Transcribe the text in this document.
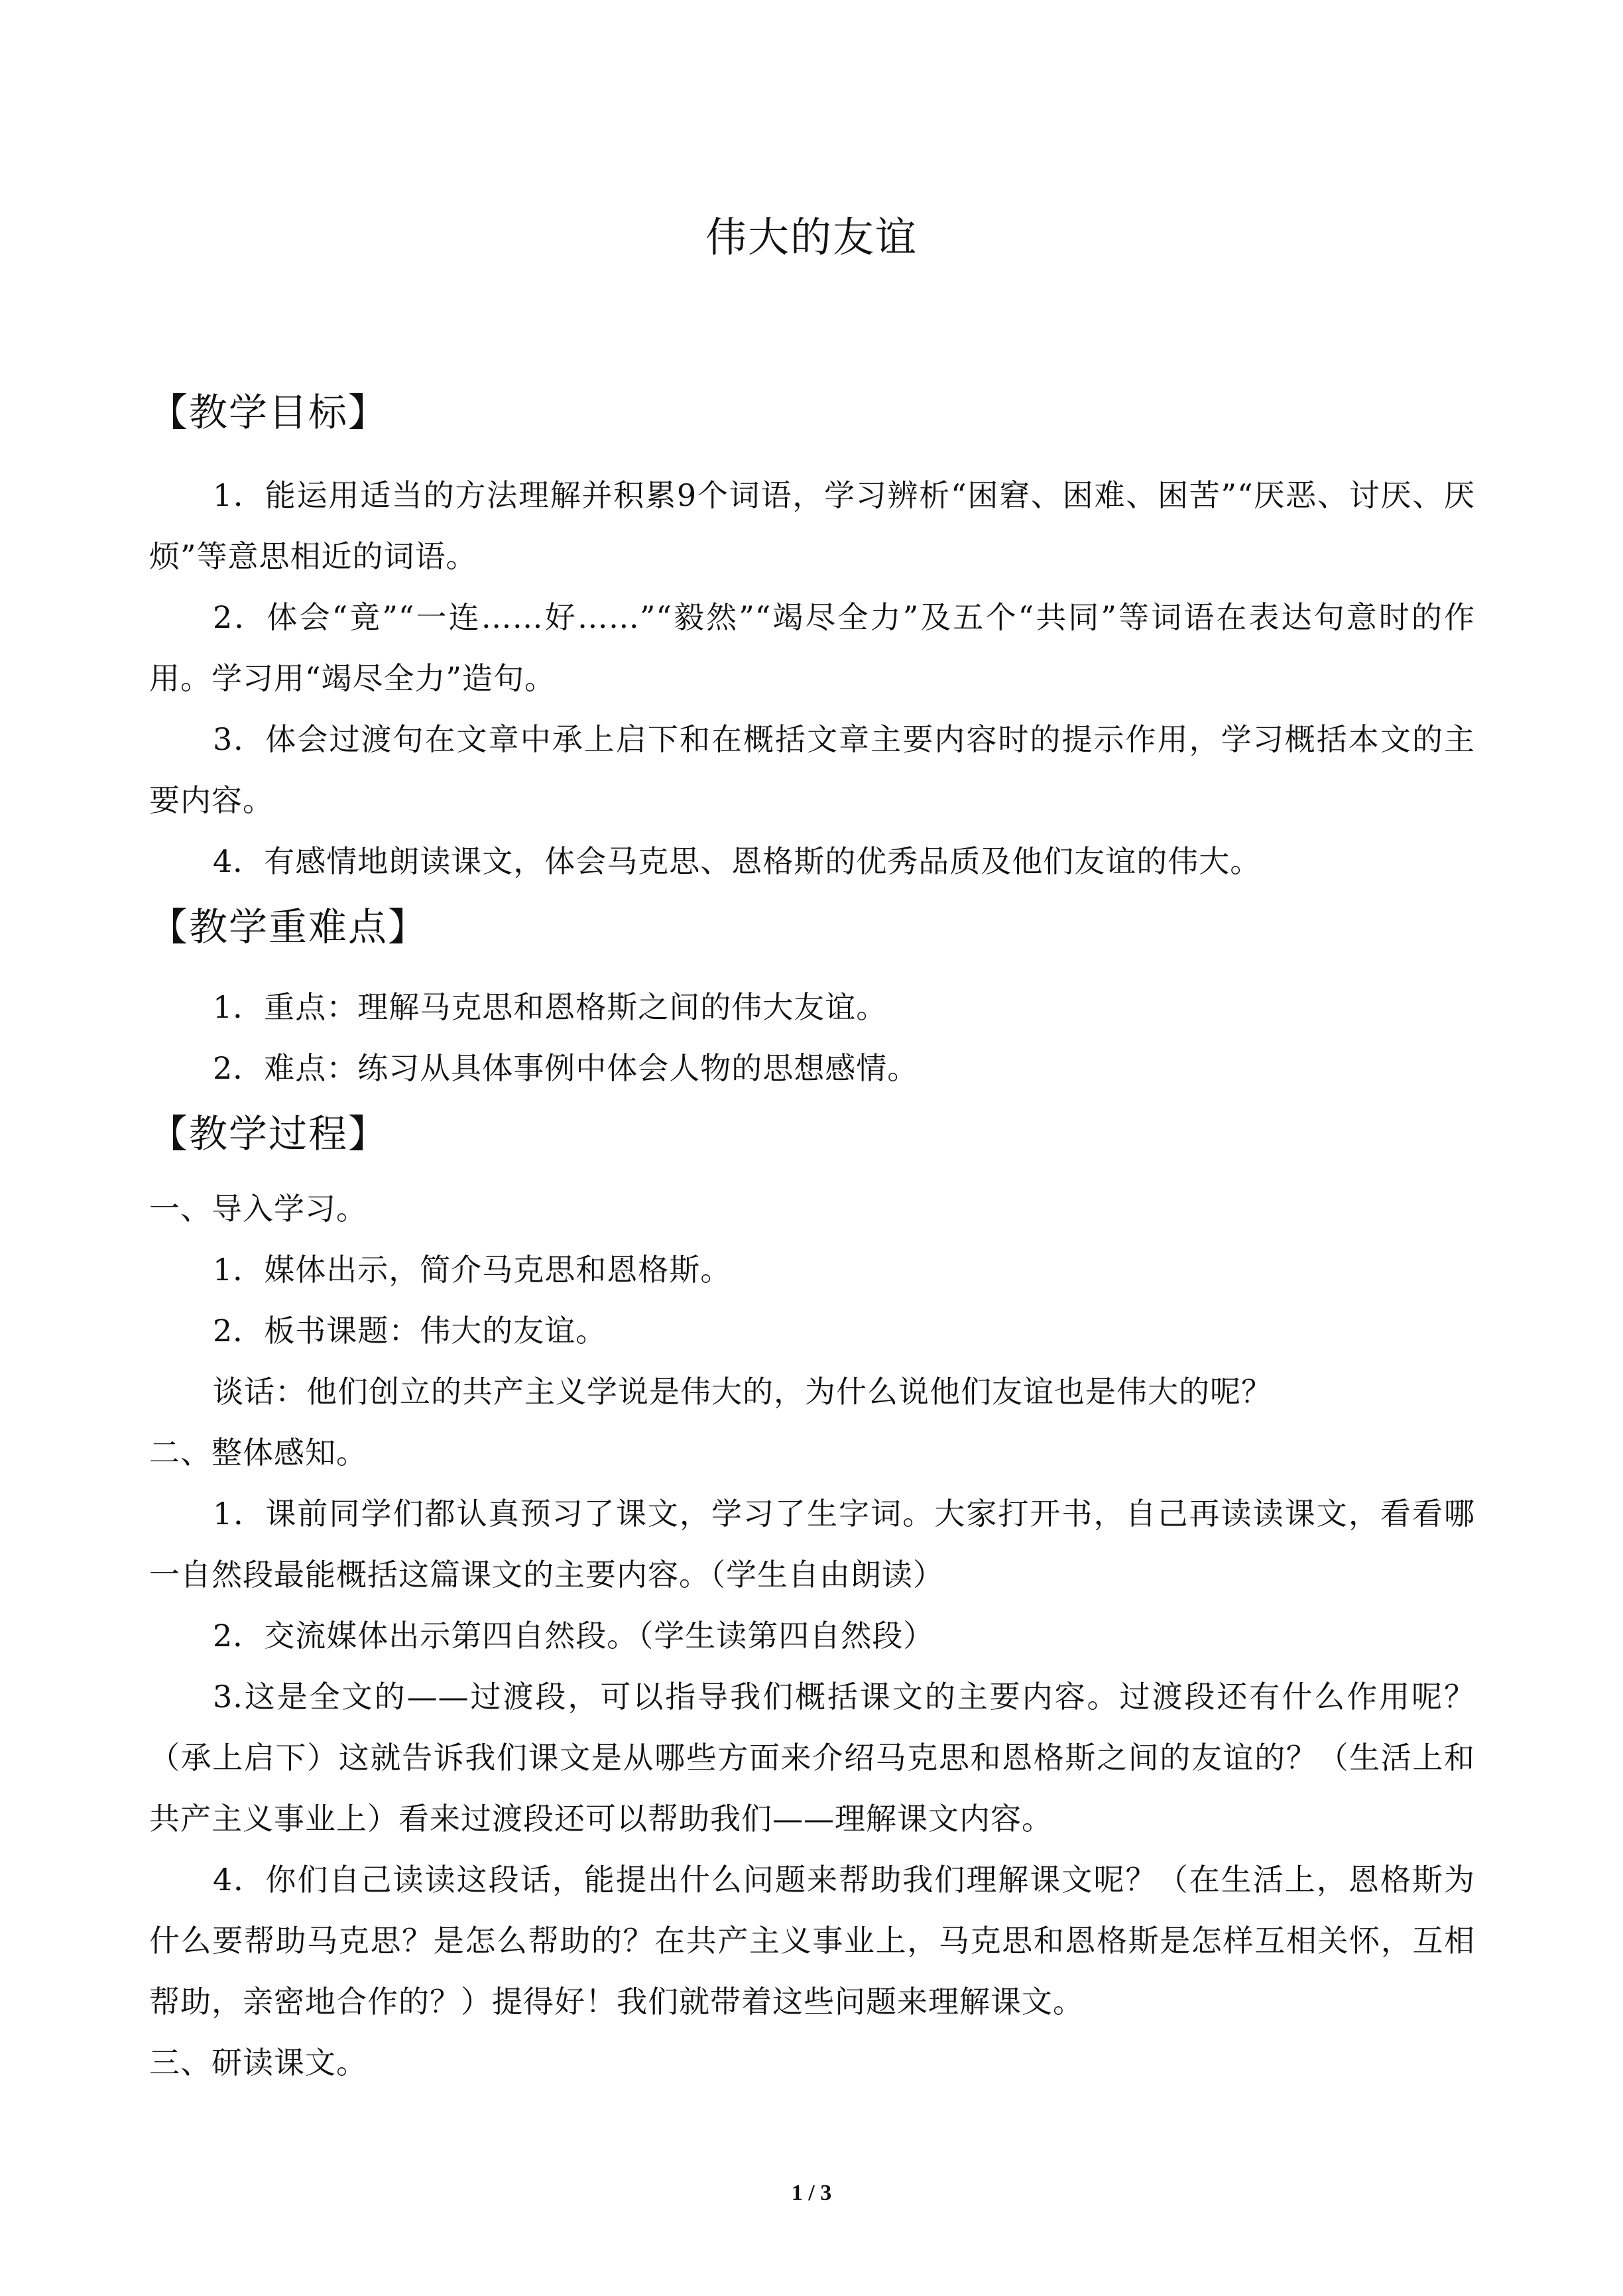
伟大的友谊
【教学目标】

1．能运用适当的方法理解并积累9个词语，学习辨析“困窘、困难、困苦”“厌恶、讨厌、厌烦”等意思相近的词语。

2．体会“竟”“一连……好……”“毅然”“竭尽全力”及五个“共同”等词语在表达句意时的作用。学习用“竭尽全力”造句。

3．体会过渡句在文章中承上启下和在概括文章主要内容时的提示作用，学习概括本文的主要内容。

4．有感情地朗读课文，体会马克思、恩格斯的优秀品质及他们友谊的伟大。

【教学重难点】

1．重点：理解马克思和恩格斯之间的伟大友谊。

2．难点：练习从具体事例中体会人物的思想感情。

【教学过程】

一、导入学习。

1．媒体出示，简介马克思和恩格斯。

2．板书课题：伟大的友谊。

谈话：他们创立的共产主义学说是伟大的，为什么说他们友谊也是伟大的呢？

二、整体感知。

1．课前同学们都认真预习了课文，学习了生字词。大家打开书，自己再读读课文，看看哪一自然段最能概括这篇课文的主要内容。（学生自由朗读）

2．交流媒体出示第四自然段。（学生读第四自然段）

3.这是全文的——过渡段，可以指导我们概括课文的主要内容。过渡段还有什么作用呢？（承上启下）这就告诉我们课文是从哪些方面来介绍马克思和恩格斯之间的友谊的？（生活上和共产主义事业上）看来过渡段还可以帮助我们——理解课文内容。

4．你们自己读读这段话，能提出什么问题来帮助我们理解课文呢？（在生活上，恩格斯为什么要帮助马克思？是怎么帮助的？在共产主义事业上，马克思和恩格斯是怎样互相关怀，互相帮助，亲密地合作的？）提得好！我们就带着这些问题来理解课文。

三、研读课文。

1 / 3
